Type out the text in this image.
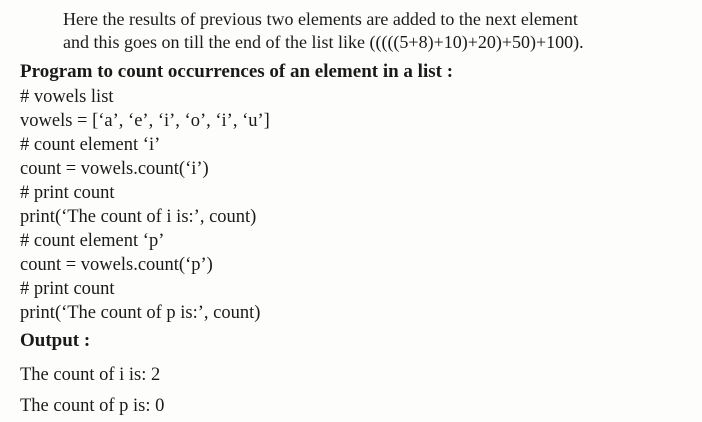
Here the results of previous two elements are added to the next element
and this goes on till the end of the list like (((((5+8)+10)+20)+50)+100).
Program to count occurrences of an element in a list :
# vowels list
vowels = [‘a’, ‘e’, ‘i’, ‘o’, ‘i’, ‘u’]
# count element ‘i’
count = vowels.count(‘i’)
# print count
print(‘The count of i is:’, count)
# count element ‘p’
count = vowels.count(‘p’)
# print count
print(‘The count of p is:’, count)
Output :
The count of i is: 2
The count of p is: 0
